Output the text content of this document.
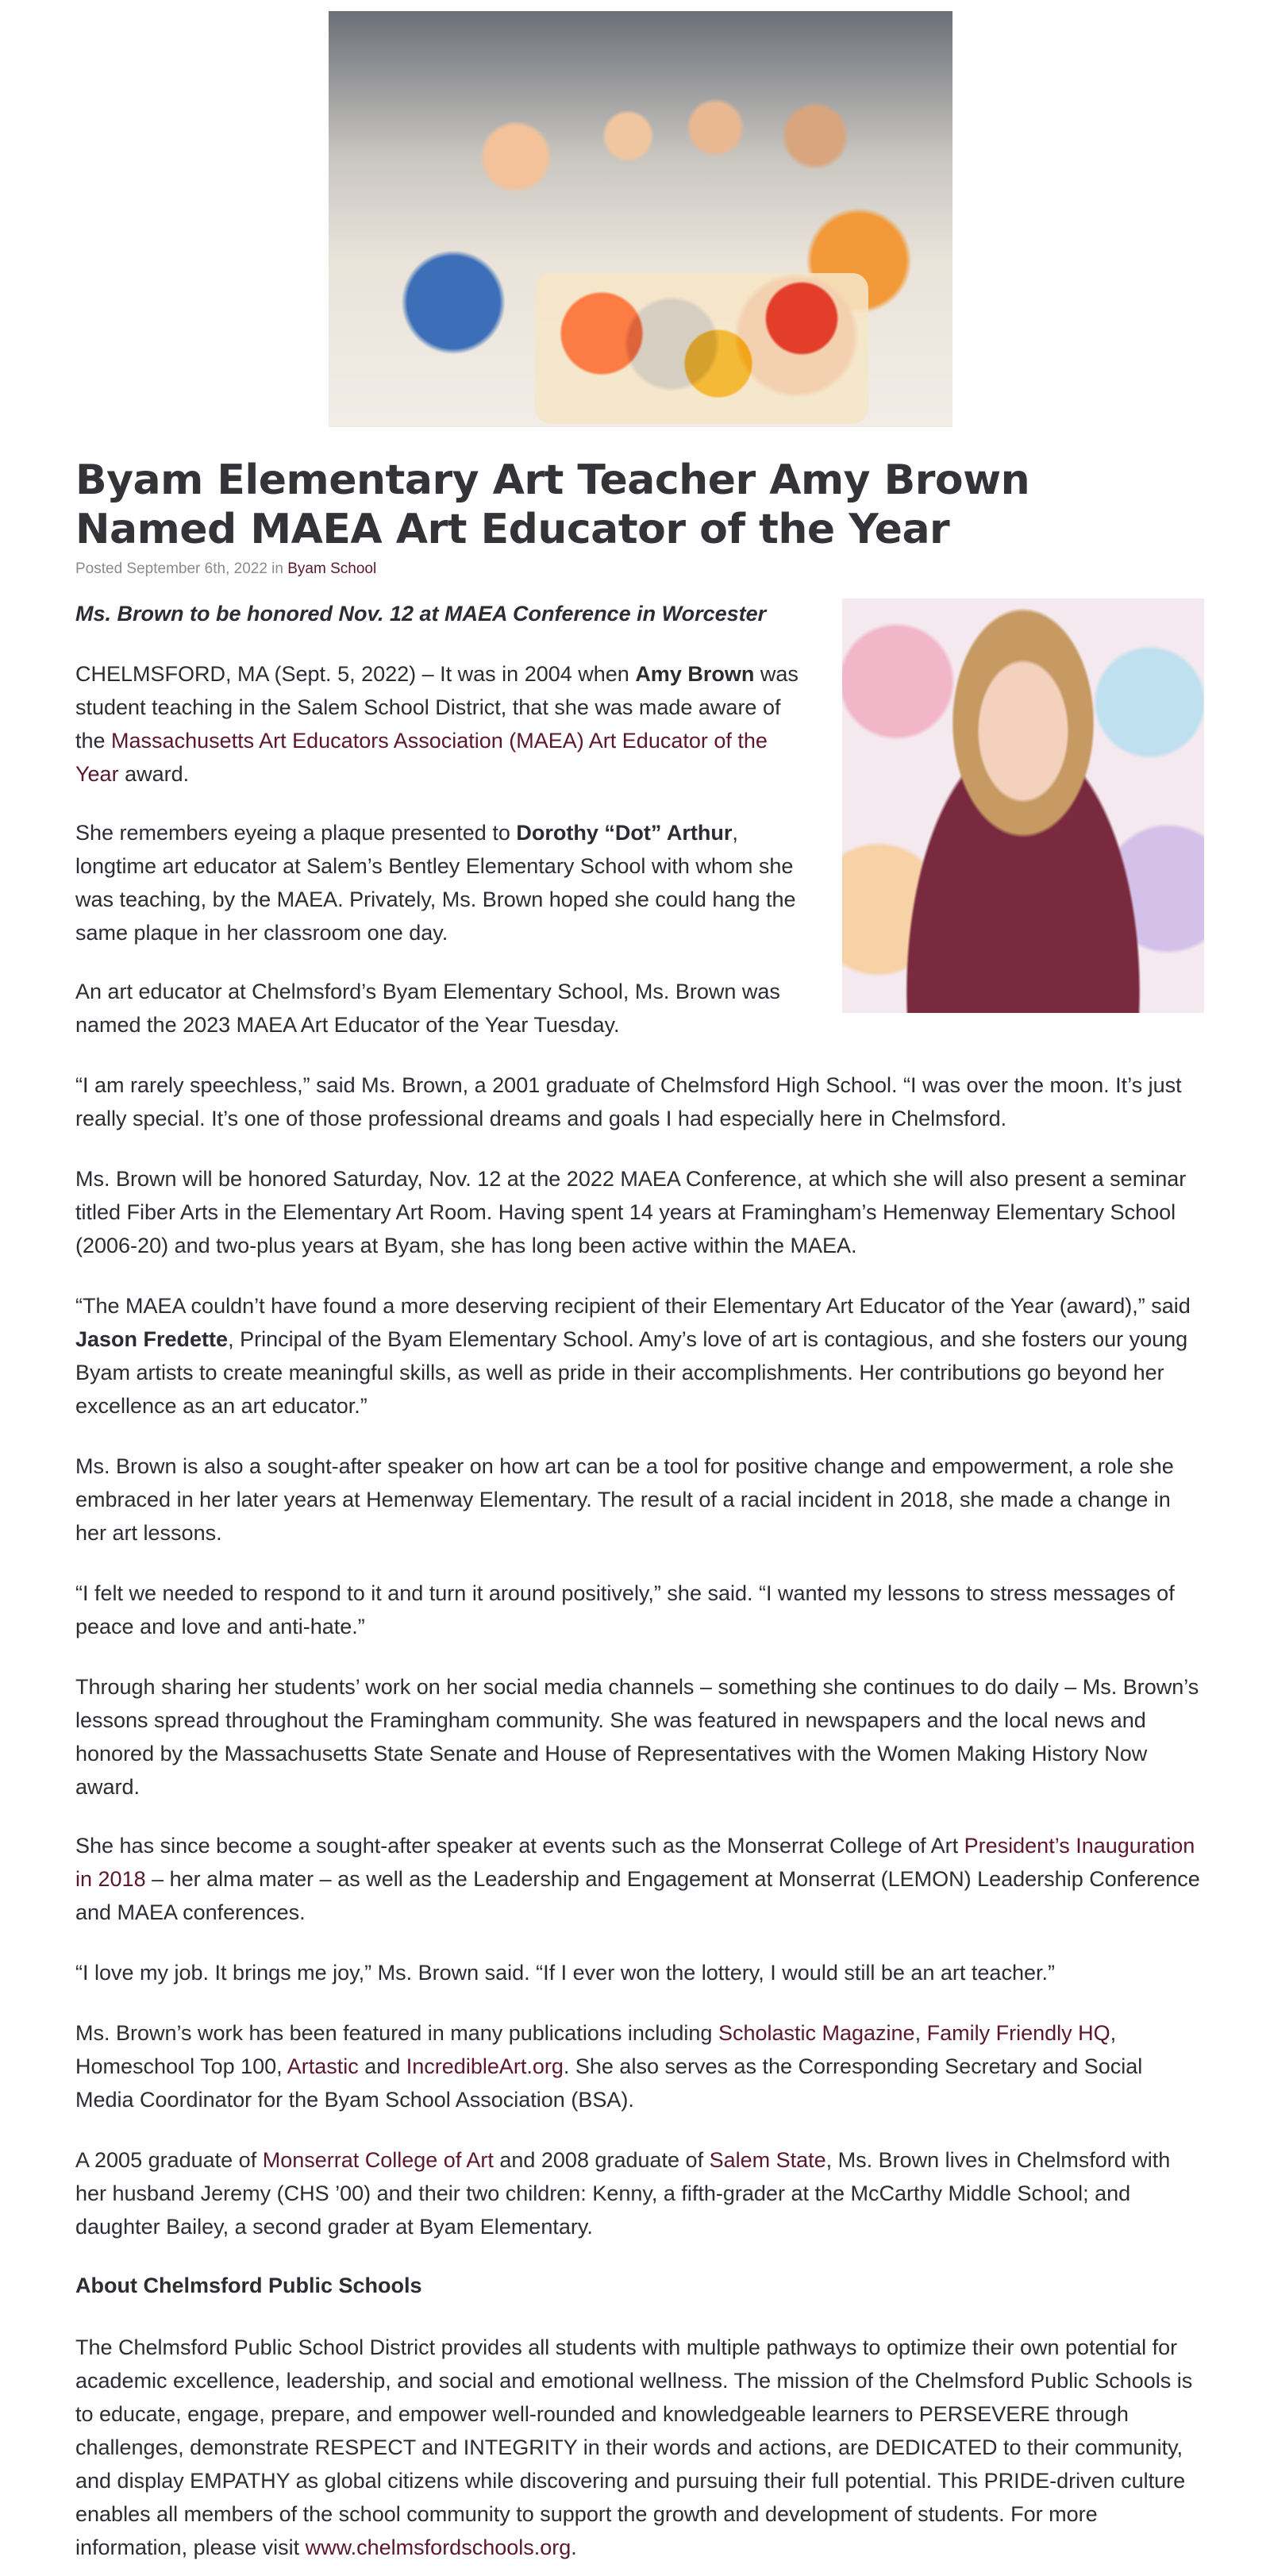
Byam Elementary Art Teacher Amy Brown Named MAEA Art Educator of the Year
Posted September 6th, 2022 in Byam School

Ms. Brown to be honored Nov. 12 at MAEA Conference in Worcester

CHELMSFORD, MA (Sept. 5, 2022) – It was in 2004 when Amy Brown was student teaching in the Salem School District, that she was made aware of the Massachusetts Art Educators Association (MAEA) Art Educator of the Year award.

She remembers eyeing a plaque presented to Dorothy “Dot” Arthur, longtime art educator at Salem’s Bentley Elementary School with whom she was teaching, by the MAEA. Privately, Ms. Brown hoped she could hang the same plaque in her classroom one day.

An art educator at Chelmsford’s Byam Elementary School, Ms. Brown was named the 2023 MAEA Art Educator of the Year Tuesday.

“I am rarely speechless,” said Ms. Brown, a 2001 graduate of Chelmsford High School. “I was over the moon. It’s just really special. It’s one of those professional dreams and goals I had especially here in Chelmsford.

Ms. Brown will be honored Saturday, Nov. 12 at the 2022 MAEA Conference, at which she will also present a seminar titled Fiber Arts in the Elementary Art Room. Having spent 14 years at Framingham’s Hemenway Elementary School (2006-20) and two-plus years at Byam, she has long been active within the MAEA.

“The MAEA couldn’t have found a more deserving recipient of their Elementary Art Educator of the Year (award),” said Jason Fredette, Principal of the Byam Elementary School. Amy’s love of art is contagious, and she fosters our young Byam artists to create meaningful skills, as well as pride in their accomplishments. Her contributions go beyond her excellence as an art educator.”

Ms. Brown is also a sought-after speaker on how art can be a tool for positive change and empowerment, a role she embraced in her later years at Hemenway Elementary. The result of a racial incident in 2018, she made a change in her art lessons.

“I felt we needed to respond to it and turn it around positively,” she said. “I wanted my lessons to stress messages of peace and love and anti-hate.”

Through sharing her students’ work on her social media channels – something she continues to do daily – Ms. Brown’s lessons spread throughout the Framingham community. She was featured in newspapers and the local news and honored by the Massachusetts State Senate and House of Representatives with the Women Making History Now award.

She has since become a sought-after speaker at events such as the Monserrat College of Art President’s Inauguration in 2018 – her alma mater – as well as the Leadership and Engagement at Monserrat (LEMON) Leadership Conference and MAEA conferences.

“I love my job. It brings me joy,” Ms. Brown said. “If I ever won the lottery, I would still be an art teacher.”

Ms. Brown’s work has been featured in many publications including Scholastic Magazine, Family Friendly HQ, Homeschool Top 100, Artastic and IncredibleArt.org. She also serves as the Corresponding Secretary and Social Media Coordinator for the Byam School Association (BSA).

A 2005 graduate of Monserrat College of Art and 2008 graduate of Salem State, Ms. Brown lives in Chelmsford with her husband Jeremy (CHS ’00) and their two children: Kenny, a fifth-grader at the McCarthy Middle School; and daughter Bailey, a second grader at Byam Elementary.

About Chelmsford Public Schools

The Chelmsford Public School District provides all students with multiple pathways to optimize their own potential for academic excellence, leadership, and social and emotional wellness. The mission of the Chelmsford Public Schools is to educate, engage, prepare, and empower well-rounded and knowledgeable learners to PERSEVERE through challenges, demonstrate RESPECT and INTEGRITY in their words and actions, are DEDICATED to their community, and display EMPATHY as global citizens while discovering and pursuing their full potential. This PRIDE-driven culture enables all members of the school community to support the growth and development of students. For more information, please visit www.chelmsfordschools.org.
